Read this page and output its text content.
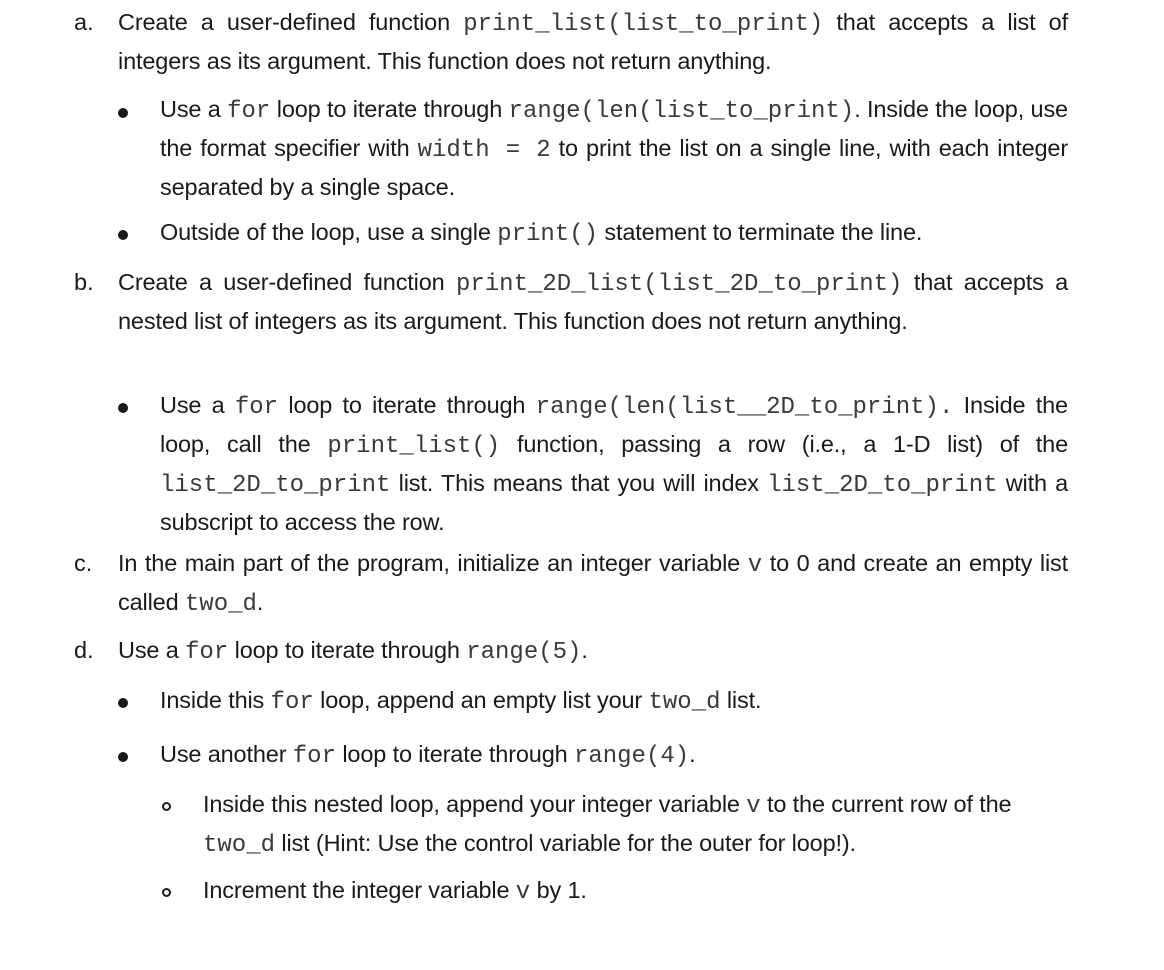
a. Create a user-defined function print_list(list_to_print) that accepts a list of integers as its argument. This function does not return anything.
Use a for loop to iterate through range(len(list_to_print). Inside the loop, use the format specifier with width = 2 to print the list on a single line, with each integer separated by a single space.
Outside of the loop, use a single print() statement to terminate the line.
b. Create a user-defined function print_2D_list(list_2D_to_print) that accepts a nested list of integers as its argument. This function does not return anything.
Use a for loop to iterate through range(len(list__2D_to_print). Inside the loop, call the print_list() function, passing a row (i.e., a 1-D list) of the list_2D_to_print list. This means that you will index list_2D_to_print with a subscript to access the row.
c. In the main part of the program, initialize an integer variable v to 0 and create an empty list called two_d.
d. Use a for loop to iterate through range(5).
Inside this for loop, append an empty list your two_d list.
Use another for loop to iterate through range(4).
Inside this nested loop, append your integer variable v to the current row of the two_d list (Hint: Use the control variable for the outer for loop!).
Increment the integer variable v by 1.
